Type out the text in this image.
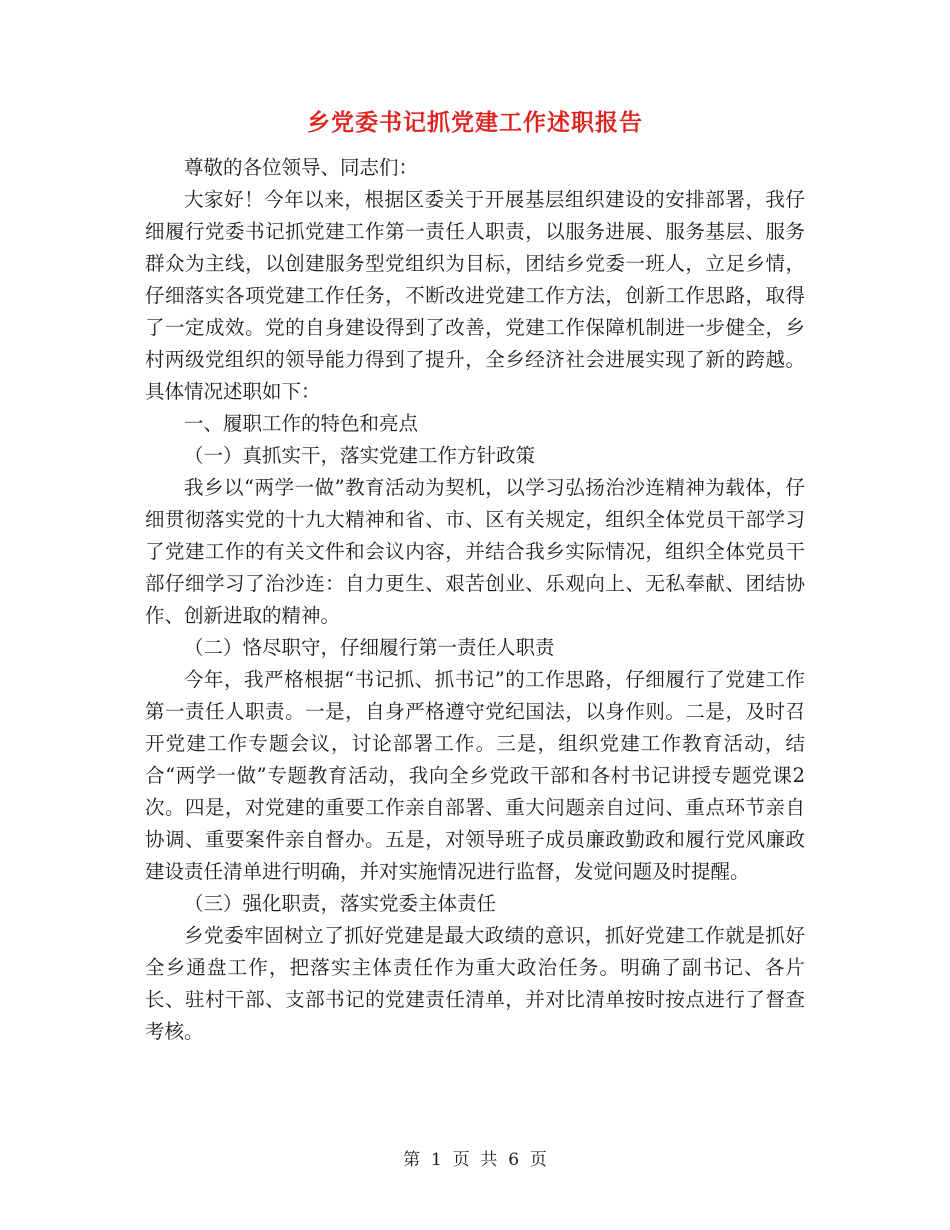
乡党委书记抓党建工作述职报告

尊敬的各位领导、同志们：

大家好！今年以来，根据区委关于开展基层组织建设的安排部署，我仔细履行党委书记抓党建工作第一责任人职责，以服务进展、服务基层、服务群众为主线，以创建服务型党组织为目标，团结乡党委一班人，立足乡情，仔细落实各项党建工作任务，不断改进党建工作方法，创新工作思路，取得了一定成效。党的自身建设得到了改善，党建工作保障机制进一步健全，乡村两级党组织的领导能力得到了提升，全乡经济社会进展实现了新的跨越。具体情况述职如下：

一、履职工作的特色和亮点

（一）真抓实干，落实党建工作方针政策

我乡以“两学一做”教育活动为契机，以学习弘扬治沙连精神为载体，仔细贯彻落实党的十九大精神和省、市、区有关规定，组织全体党员干部学习了党建工作的有关文件和会议内容，并结合我乡实际情况，组织全体党员干部仔细学习了治沙连：自力更生、艰苦创业、乐观向上、无私奉献、团结协作、创新进取的精神。

（二）恪尽职守，仔细履行第一责任人职责

今年，我严格根据“书记抓、抓书记”的工作思路，仔细履行了党建工作第一责任人职责。一是，自身严格遵守党纪国法，以身作则。二是，及时召开党建工作专题会议，讨论部署工作。三是，组织党建工作教育活动，结合“两学一做”专题教育活动，我向全乡党政干部和各村书记讲授专题党课2次。四是，对党建的重要工作亲自部署、重大问题亲自过问、重点环节亲自协调、重要案件亲自督办。五是，对领导班子成员廉政勤政和履行党风廉政建设责任清单进行明确，并对实施情况进行监督，发觉问题及时提醒。

（三）强化职责，落实党委主体责任

乡党委牢固树立了抓好党建是最大政绩的意识，抓好党建工作就是抓好全乡通盘工作，把落实主体责任作为重大政治任务。明确了副书记、各片长、驻村干部、支部书记的党建责任清单，并对比清单按时按点进行了督查考核。

第  1  页  共  6  页
